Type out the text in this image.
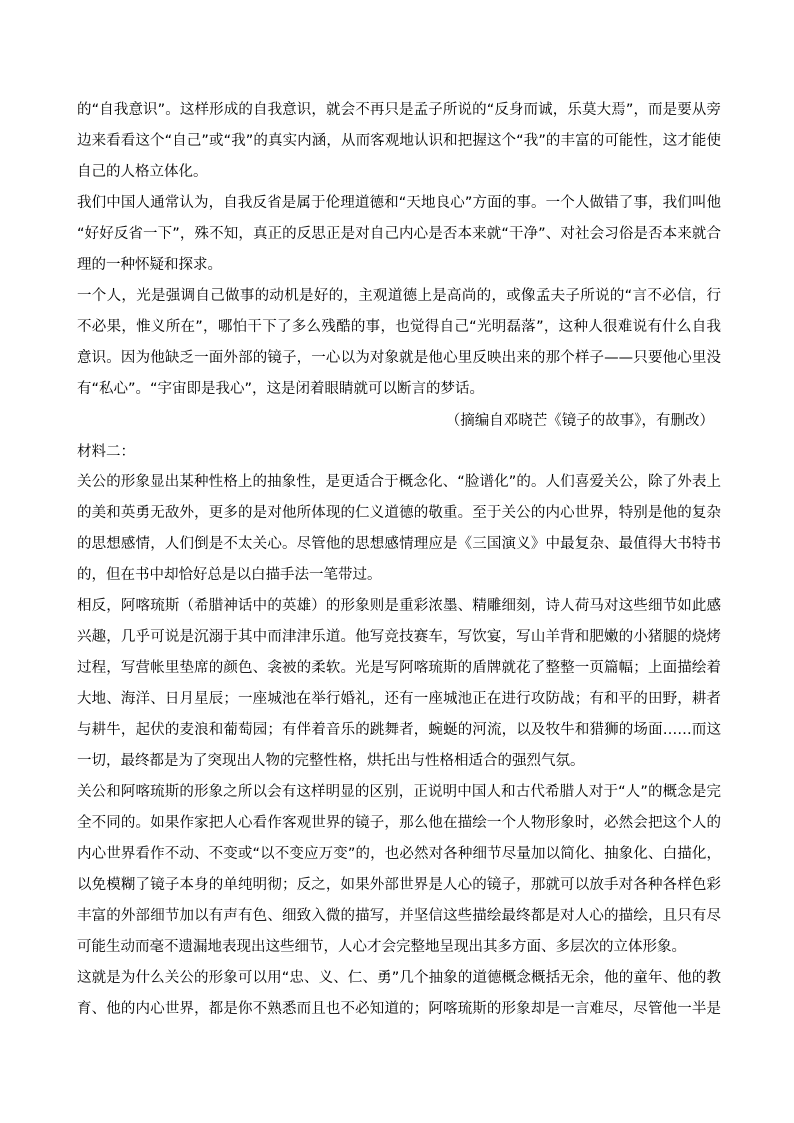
的“自我意识”。这样形成的自我意识，就会不再只是孟子所说的“反身而诚，乐莫大焉”，而是要从旁
边来看看这个“自己”或“我”的真实内涵，从而客观地认识和把握这个“我”的丰富的可能性，这才能使
自己的人格立体化。
我们中国人通常认为，自我反省是属于伦理道德和“天地良心”方面的事。一个人做错了事，我们叫他
“好好反省一下”，殊不知，真正的反思正是对自己内心是否本来就“干净”、对社会习俗是否本来就合
理的一种怀疑和探求。
一个人，光是强调自己做事的动机是好的，主观道德上是高尚的，或像孟夫子所说的“言不必信，行
不必果，惟义所在”，哪怕干下了多么残酷的事，也觉得自己“光明磊落”，这种人很难说有什么自我
意识。因为他缺乏一面外部的镜子，一心以为对象就是他心里反映出来的那个样子——只要他心里没
有“私心”。“宇宙即是我心”，这是闭着眼睛就可以断言的梦话。
（摘编自邓晓芒《镜子的故事》，有删改）
材料二：
关公的形象显出某种性格上的抽象性，是更适合于概念化、“脸谱化”的。人们喜爱关公，除了外表上
的美和英勇无敌外，更多的是对他所体现的仁义道德的敬重。至于关公的内心世界，特别是他的复杂
的思想感情，人们倒是不太关心。尽管他的思想感情理应是《三国演义》中最复杂、最值得大书特书
的，但在书中却恰好总是以白描手法一笔带过。
相反，阿喀琉斯（希腊神话中的英雄）的形象则是重彩浓墨、精雕细刻，诗人荷马对这些细节如此感
兴趣，几乎可说是沉溺于其中而津津乐道。他写竞技赛车，写饮宴，写山羊背和肥嫩的小猪腿的烧烤
过程，写营帐里垫席的颜色、衾被的柔软。光是写阿喀琉斯的盾牌就花了整整一页篇幅；上面描绘着
大地、海洋、日月星辰；一座城池在举行婚礼，还有一座城池正在进行攻防战；有和平的田野，耕者
与耕牛，起伏的麦浪和葡萄园；有伴着音乐的跳舞者，蜿蜒的河流，以及牧牛和猎狮的场面……而这
一切，最终都是为了突现出人物的完整性格，烘托出与性格相适合的强烈气氛。
关公和阿喀琉斯的形象之所以会有这样明显的区别，正说明中国人和古代希腊人对于“人”的概念是完
全不同的。如果作家把人心看作客观世界的镜子，那么他在描绘一个人物形象时，必然会把这个人的
内心世界看作不动、不变或“以不变应万变”的，也必然对各种细节尽量加以简化、抽象化、白描化，
以免模糊了镜子本身的单纯明彻；反之，如果外部世界是人心的镜子，那就可以放手对各种各样色彩
丰富的外部细节加以有声有色、细致入微的描写，并坚信这些描绘最终都是对人心的描绘，且只有尽
可能生动而毫不遗漏地表现出这些细节，人心才会完整地呈现出其多方面、多层次的立体形象。
这就是为什么关公的形象可以用“忠、义、仁、勇”几个抽象的道德概念概括无余，他的童年、他的教
育、他的内心世界，都是你不熟悉而且也不必知道的；阿喀琉斯的形象却是一言难尽，尽管他一半是
